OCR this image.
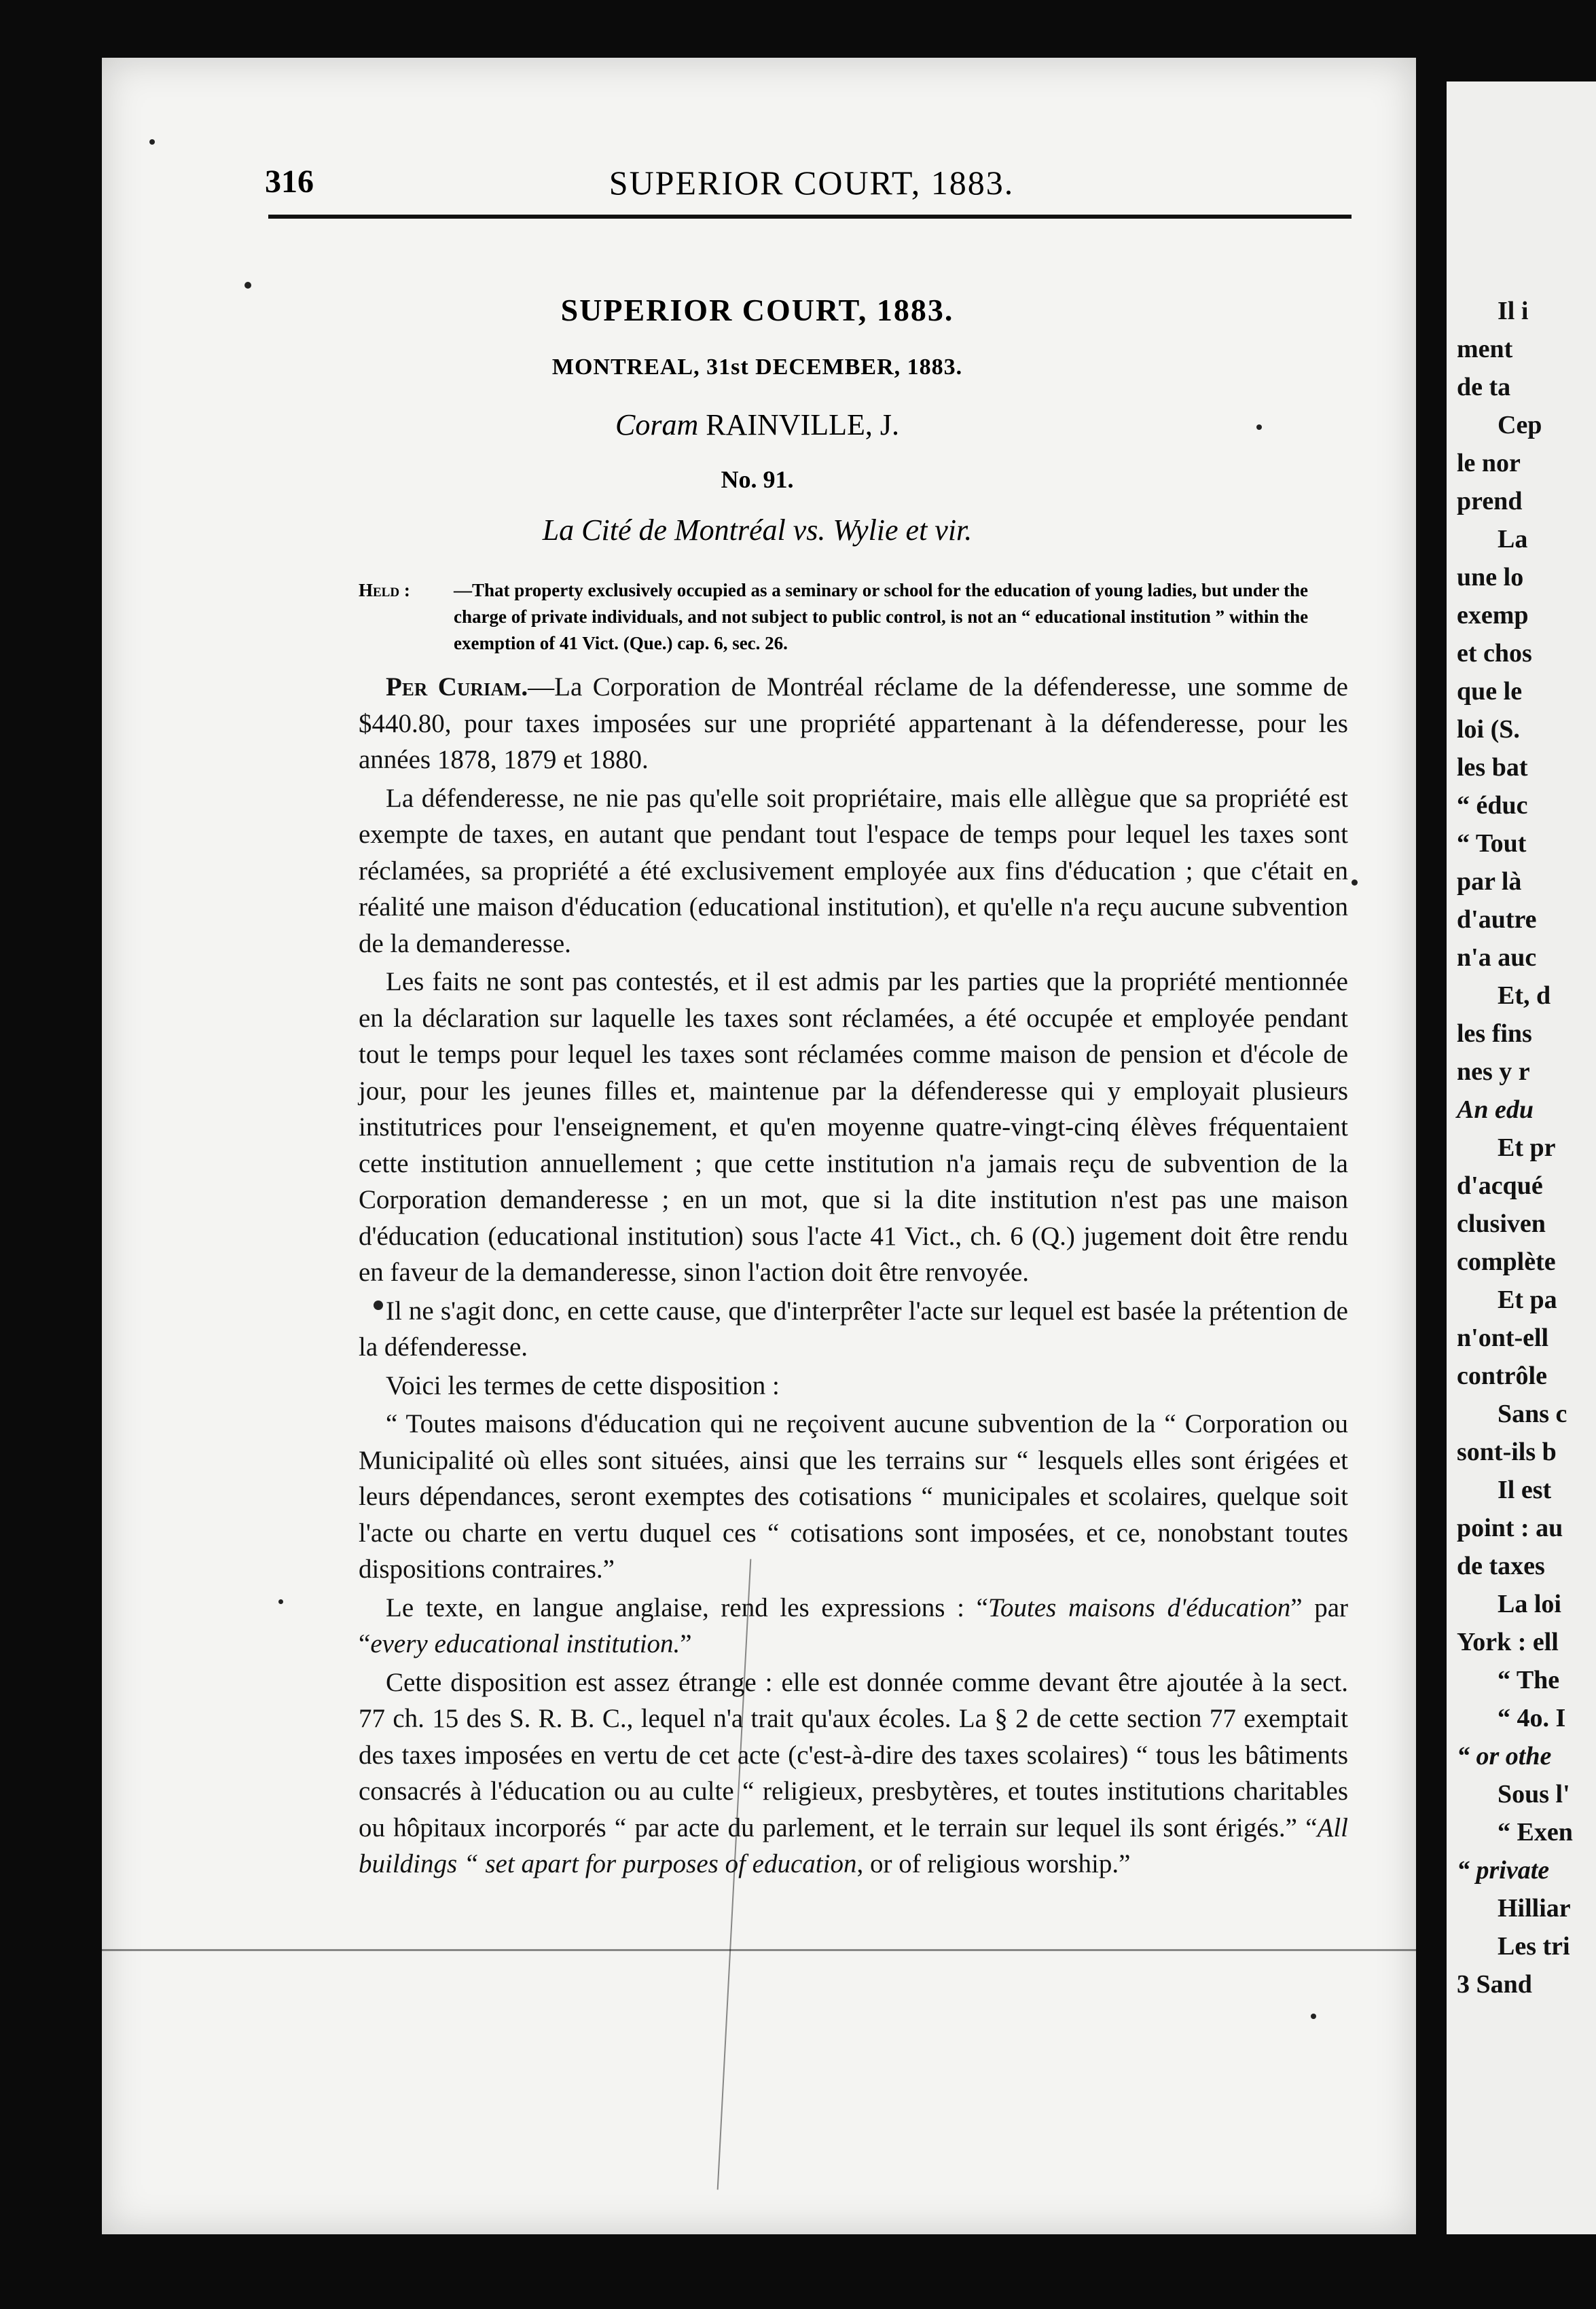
316	SUPERIOR COURT, 1883.
SUPERIOR COURT, 1883.
MONTREAL, 31st DECEMBER, 1883.
Coram RAINVILLE, J.
No. 91.
La Cité de Montréal vs. Wylie et vir.
Held :	—That property exclusively occupied as a seminary or school for the education of young ladies, but under the charge of private individuals, and not subject to public control, is not an “ educational institution ” within the exemption of 41 Vict. (Que.) cap. 6, sec. 26.

Per Curiam.—La Corporation de Montréal réclame de la défenderesse, une somme de $440.80, pour taxes imposées sur une propriété appartenant à la défenderesse, pour les années 1878, 1879 et 1880.

La défenderesse, ne nie pas qu'elle soit propriétaire, mais elle allègue que sa propriété est exempte de taxes, en autant que pendant tout l'espace de temps pour lequel les taxes sont réclamées, sa propriété a été exclusivement employée aux fins d'éducation ; que c'était en réalité une maison d'éducation (educational institution), et qu'elle n'a reçu aucune subvention de la demanderesse.

Les faits ne sont pas contestés, et il est admis par les parties que la propriété mentionnée en la déclaration sur laquelle les taxes sont réclamées, a été occupée et employée pendant tout le temps pour lequel les taxes sont réclamées comme maison de pension et d'école de jour, pour les jeunes filles et, maintenue par la défenderesse qui y employait plusieurs institutrices pour l'enseignement, et qu'en moyenne quatre-vingt-cinq élèves fréquentaient cette institution annuellement ; que cette institution n'a jamais reçu de subvention de la Corporation demanderesse ; en un mot, que si la dite institution n'est pas une maison d'éducation (educational institution) sous l'acte 41 Vict., ch. 6 (Q.) jugement doit être rendu en faveur de la demanderesse, sinon l'action doit être renvoyée.

Il ne s'agit donc, en cette cause, que d'interprêter l'acte sur lequel est basée la prétention de la défenderesse.

Voici les termes de cette disposition :

“ Toutes maisons d'éducation qui ne reçoivent aucune subvention de la “ Corporation ou Municipalité où elles sont situées, ainsi que les terrains sur “ lesquels elles sont érigées et leurs dépendances, seront exemptes des cotisations “ municipales et scolaires, quelque soit l'acte ou charte en vertu duquel ces “ cotisations sont imposées, et ce, nonobstant toutes dispositions contraires.”

Le texte, en langue anglaise, rend les expressions : “Toutes maisons d'éducation” par “every educational institution.”

Cette disposition est assez étrange : elle est donnée comme devant être ajoutée à la sect. 77 ch. 15 des S. R. B. C., lequel n'a trait qu'aux écoles. La § 2 de cette section 77 exemptait des taxes imposées en vertu de cet acte (c'est-à-dire des taxes scolaires) “ tous les bâtiments consacrés à l'éducation ou au culte “ religieux, presbytères, et toutes institutions charitables ou hôpitaux incorporés “ par acte du parlement, et le terrain sur lequel ils sont érigés.” “All buildings “ set apart for purposes of education, or of religious worship.”

Il i
ment
de ta
Cep
le nor
prend
La
une lo
exemp
et chos
que le
loi (S.
les bat
“ éduc
“ Tout
par là
d'autre
n'a auc
Et, d
les fins
nes y r
An edu
Et pr
d'acqué
clusiven
complète
Et pa
n'ont-ell
contrôle
Sans c
sont-ils b
Il est
point : au
de taxes
La loi
York : ell
“ The
“ 4o. I
“ or othe
Sous l'
“ Exen
“ private
Hilliar
Les tri
3 Sand
